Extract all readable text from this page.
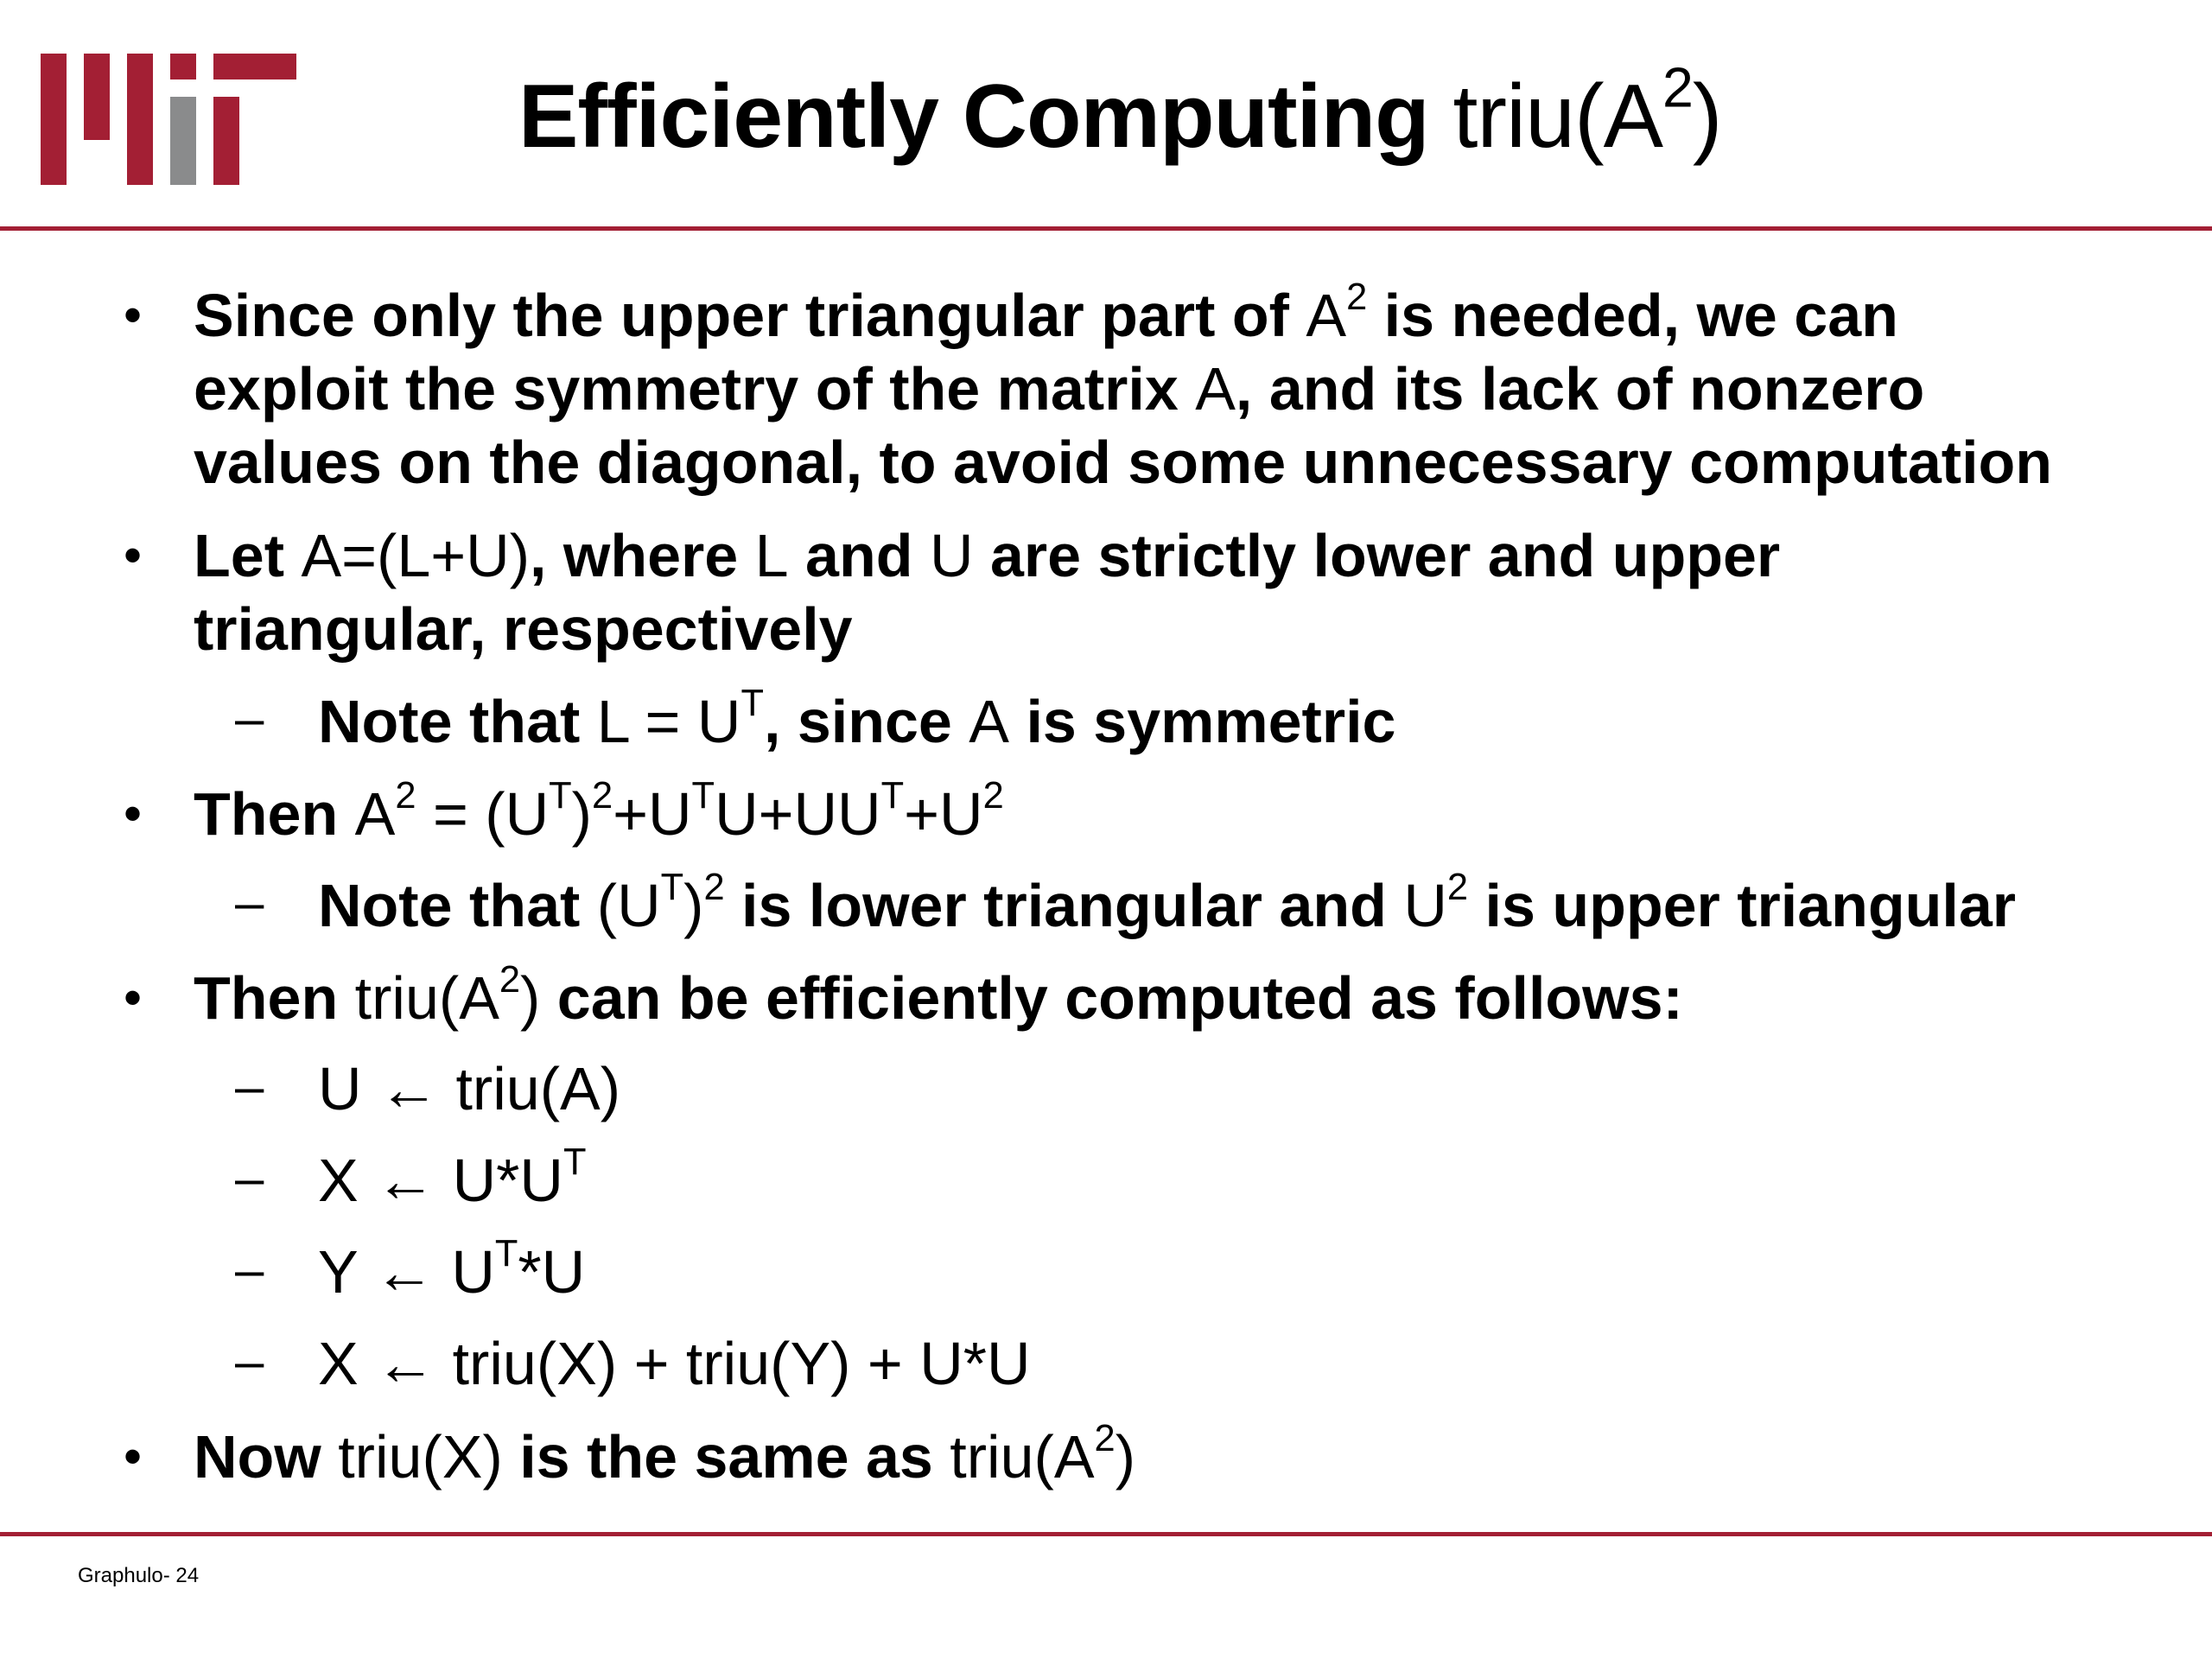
Efficiently Computing $triu(A^2)$
• Since only the upper triangular part of $A^2$ is needed, we can
exploit the symmetry of the matrix A, and its lack of nonzero
values on the diagonal, to avoid some unnecessary computation
• Let A=(L+U), where L and U are strictly lower and upper
triangular, respectively
– Note that $L = U^T$, since A is symmetric
• Then $A^2 = (U^T)^2+U^TU+UU^T+U^2$
– Note that $(U^T)^2$ is lower triangular and $U^2$ is upper triangular
• Then $triu(A^2)$ can be efficiently computed as follows:
– U ← triu(A)
– X ← $U*U^T$
– Y ← $U^T*U$
– X ← triu(X) + triu(Y) + U*U
• Now triu(X) is the same as $triu(A^2)$
Graphulo- 24
